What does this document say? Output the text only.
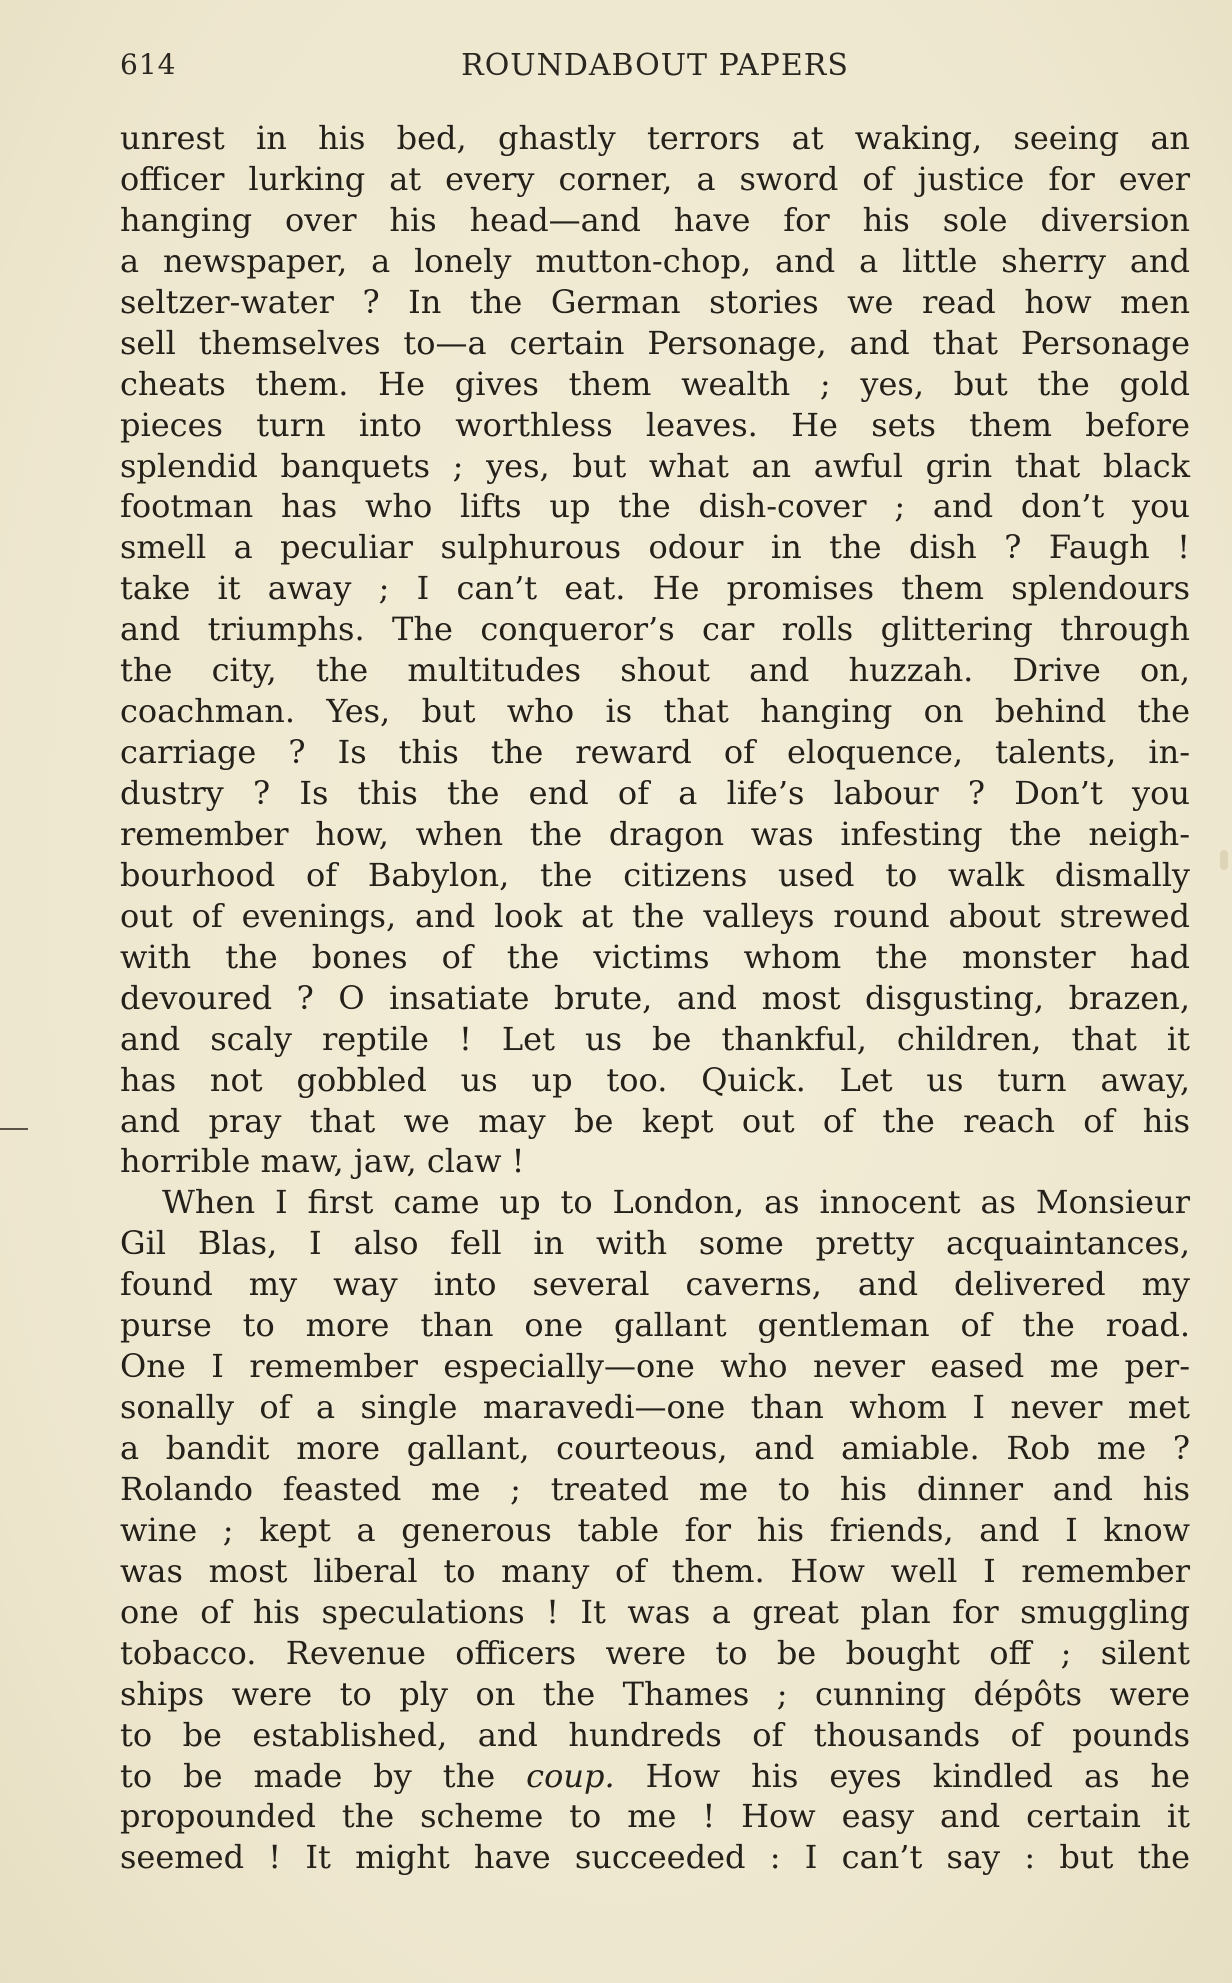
614	ROUNDABOUT PAPERS
unrest in his bed, ghastly terrors at waking, seeing an
officer lurking at every corner, a sword of justice for ever
hanging over his head—and have for his sole diversion
a newspaper, a lonely mutton-chop, and a little sherry and
seltzer-water ? In the German stories we read how men
sell themselves to—a certain Personage, and that Personage
cheats them. He gives them wealth ; yes, but the gold
pieces turn into worthless leaves. He sets them before
splendid banquets ; yes, but what an awful grin that black
footman has who lifts up the dish-cover ; and don’t you
smell a peculiar sulphurous odour in the dish ? Faugh !
take it away ; I can’t eat. He promises them splendours
and triumphs. The conqueror’s car rolls glittering through
the city, the multitudes shout and huzzah. Drive on,
coachman. Yes, but who is that hanging on behind the
carriage ? Is this the reward of eloquence, talents, in-
dustry ? Is this the end of a life’s labour ? Don’t you
remember how, when the dragon was infesting the neigh-
bourhood of Babylon, the citizens used to walk dismally
out of evenings, and look at the valleys round about strewed
with the bones of the victims whom the monster had
devoured ? O insatiate brute, and most disgusting, brazen,
and scaly reptile ! Let us be thankful, children, that it
has not gobbled us up too. Quick. Let us turn away,
and pray that we may be kept out of the reach of his
horrible maw, jaw, claw !
When I first came up to London, as innocent as Monsieur
Gil Blas, I also fell in with some pretty acquaintances,
found my way into several caverns, and delivered my
purse to more than one gallant gentleman of the road.
One I remember especially—one who never eased me per-
sonally of a single maravedi—one than whom I never met
a bandit more gallant, courteous, and amiable. Rob me ?
Rolando feasted me ; treated me to his dinner and his
wine ; kept a generous table for his friends, and I know
was most liberal to many of them. How well I remember
one of his speculations ! It was a great plan for smuggling
tobacco. Revenue officers were to be bought off ; silent
ships were to ply on the Thames ; cunning dépôts were
to be established, and hundreds of thousands of pounds
to be made by the coup. How his eyes kindled as he
propounded the scheme to me ! How easy and certain it
seemed ! It might have succeeded : I can’t say : but the
